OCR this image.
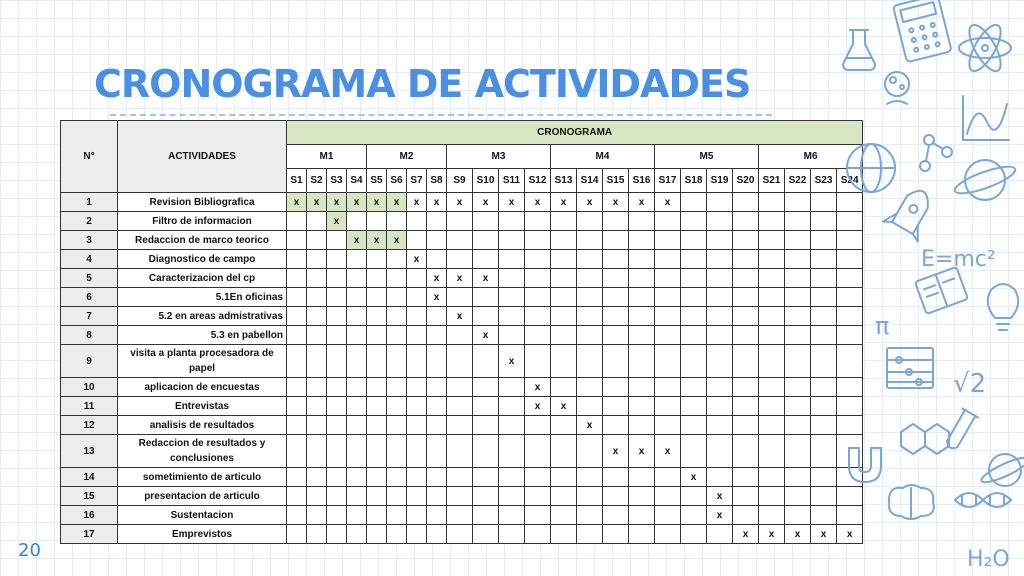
CRONOGRAMA DE ACTIVIDADES
N°	ACTIVIDADES	CRONOGRAMA																							
		M1				M2				M3				M4				M5				M6			
		S1	S2	S3	S4	S5	S6	S7	S8	S9	S10	S11	S12	S13	S14	S15	S16	S17	S18	S19	S20	S21	S22	S23	S24
1	Revision Bibliografica	x	x	x	x	x	x	x	x	x	x	x	x	x	x	x	x	x							
2	Filtro de informacion			x																					
3	Redaccion de marco teorico				x	x	x																		
4	Diagnostico de campo							x																	
5	Caracterizacion del cp								x	x	x														
6	5.1En oficinas								x																
7	5.2 en areas admistrativas									x															
8	5.3 en pabellon										x														
9	visita a planta procesadora de papel											x													
10	aplicacion de encuestas												x												
11	Entrevistas												x	x											
12	analisis de resultados														x										
13	Redaccion de resultados y conclusiones															x	x	x							
14	sometimiento de articulo																		x						
15	presentacion de articulo																			x					
16	Sustentacion																			x					
17	Emprevistos																				x	x	x	x	x
20
E=mc²
π
√2
H₂O
